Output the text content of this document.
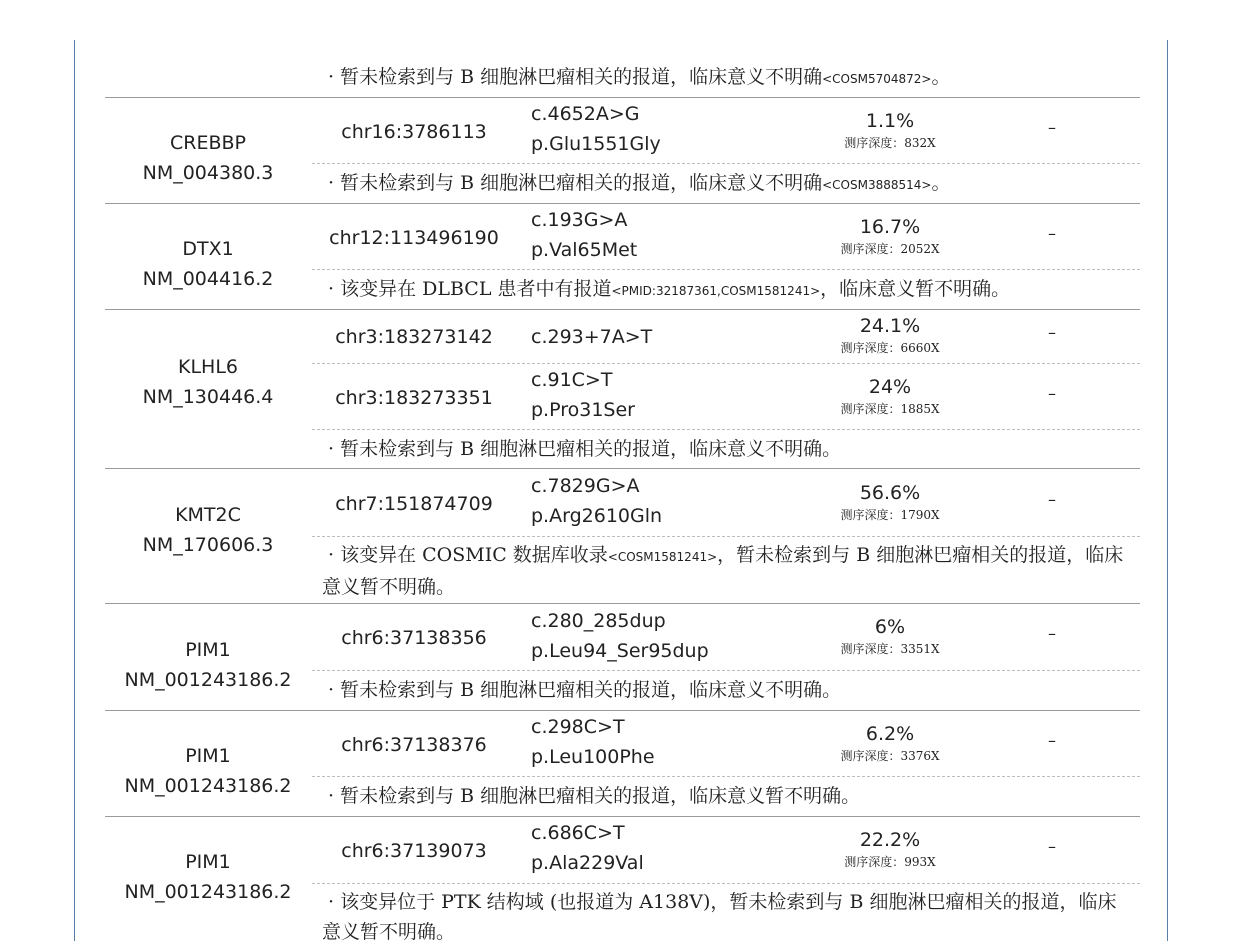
· 暂未检索到与 B 细胞淋巴瘤相关的报道，临床意义不明确<COSM5704872>。
CREBBP
NM_004380.3
chr16:3786113
c.4652A>G
p.Glu1551Gly
1.1%
测序深度：832X
–
· 暂未检索到与 B 细胞淋巴瘤相关的报道，临床意义不明确<COSM3888514>。
DTX1
NM_004416.2
chr12:113496190
c.193G>A
p.Val65Met
16.7%
测序深度：2052X
–
· 该变异在 DLBCL 患者中有报道<PMID:32187361,COSM1581241>，临床意义暂不明确。
KLHL6
NM_130446.4
chr3:183273142	c.293+7A>T	24.1%
测序深度：6660X
–
chr3:183273351
c.91C>T
p.Pro31Ser
24%
测序深度：1885X
–
· 暂未检索到与 B 细胞淋巴瘤相关的报道，临床意义不明确。
KMT2C
NM_170606.3
chr7:151874709
c.7829G>A
p.Arg2610Gln
56.6%
测序深度：1790X
–
· 该变异在 COSMIC 数据库收录<COSM1581241>，暂未检索到与 B 细胞淋巴瘤相关的报道，临床意义暂不明确。
PIM1
NM_001243186.2
chr6:37138356
c.280_285dup
p.Leu94_Ser95dup
6%
测序深度：3351X
–
· 暂未检索到与 B 细胞淋巴瘤相关的报道，临床意义不明确。
PIM1
NM_001243186.2
chr6:37138376
c.298C>T
p.Leu100Phe
6.2%
测序深度：3376X
–
· 暂未检索到与 B 细胞淋巴瘤相关的报道，临床意义暂不明确。
PIM1
NM_001243186.2
chr6:37139073
c.686C>T
p.Ala229Val
22.2%
测序深度：993X
–
· 该变异位于 PTK 结构域 (也报道为 A138V)，暂未检索到与 B 细胞淋巴瘤相关的报道，临床意义暂不明确。
